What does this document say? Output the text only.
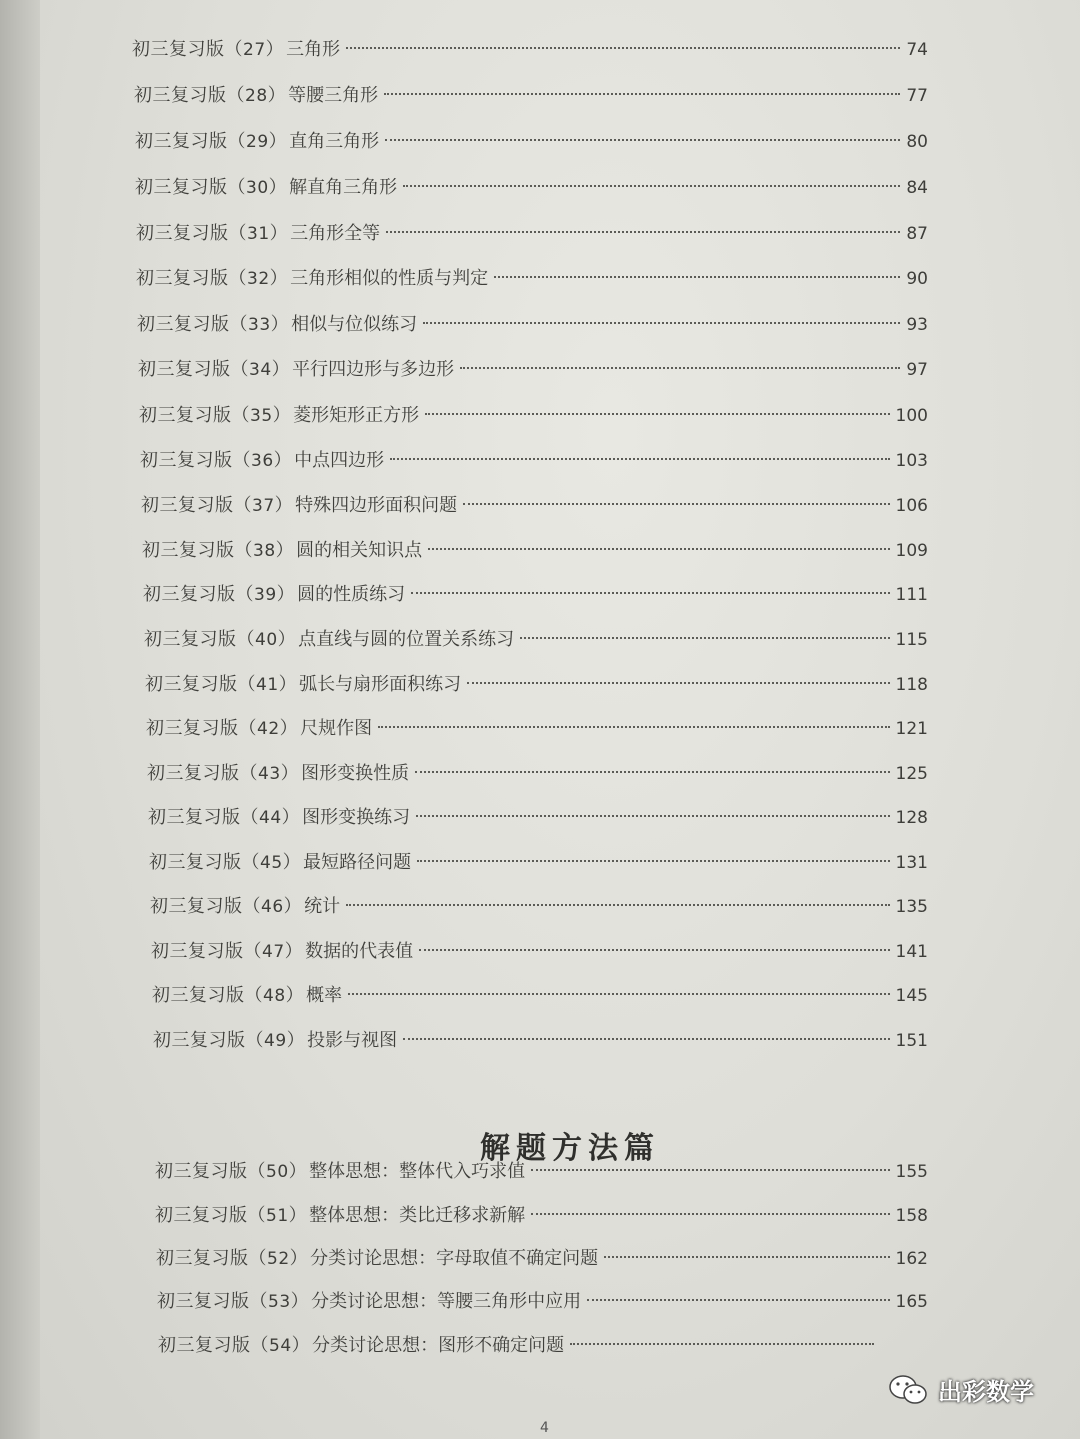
初三复习版（27） 三角形	74
初三复习版（28） 等腰三角形	77
初三复习版（29） 直角三角形	80
初三复习版（30） 解直角三角形	84
初三复习版（31） 三角形全等	87
初三复习版（32） 三角形相似的性质与判定	90
初三复习版（33） 相似与位似练习	93
初三复习版（34） 平行四边形与多边形	97
初三复习版（35） 菱形矩形正方形	100
初三复习版（36） 中点四边形	103
初三复习版（37） 特殊四边形面积问题	106
初三复习版（38） 圆的相关知识点	109
初三复习版（39） 圆的性质练习	111
初三复习版（40） 点直线与圆的位置关系练习	115
初三复习版（41） 弧长与扇形面积练习	118
初三复习版（42） 尺规作图	121
初三复习版（43） 图形变换性质	125
初三复习版（44） 图形变换练习	128
初三复习版（45） 最短路径问题	131
初三复习版（46） 统计	135
初三复习版（47） 数据的代表值	141
初三复习版（48） 概率	145
初三复习版（49） 投影与视图	151
初三复习版（50） 整体思想：整体代入巧求值	155
初三复习版（51） 整体思想：类比迁移求新解	158
初三复习版（52） 分类讨论思想：字母取值不确定问题	162
初三复习版（53） 分类讨论思想：等腰三角形中应用	165
初三复习版（54） 分类讨论思想：图形不确定问题
解题方法篇
4
出彩数学
